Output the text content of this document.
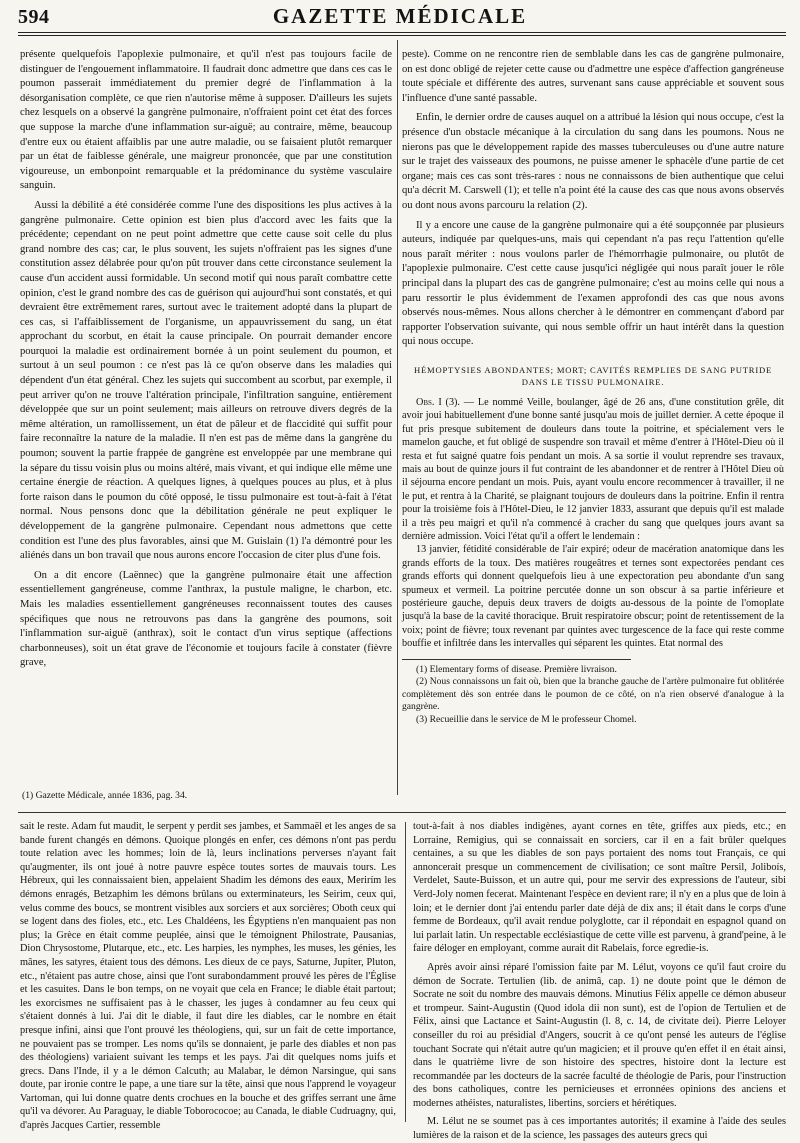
594	GAZETTE MÉDICALE

présente quelquefois l'apoplexie pulmonaire, et qu'il n'est pas toujours facile de distinguer de l'engouement inflammatoire. Il faudrait donc admettre que dans ces cas le poumon passerait immédiatement du premier degré de l'inflammation à la désorganisation complète, ce que rien n'autorise même à supposer. D'ailleurs les sujets chez lesquels on a observé la gangrène pulmonaire, n'offraient point cet état des forces que suppose la marche d'une inflammation sur-aiguë; au contraire, même, beaucoup d'entre eux ou étaient affaiblis par une autre maladie, ou se faisaient plutôt remarquer par un état de faiblesse générale, une maigreur prononcée, que par une constitution vigoureuse, un embonpoint remarquable et la prédominance du système vasculaire sanguin.

Aussi la débilité a été considérée comme l'une des dispositions les plus actives à la gangrène pulmonaire. Cette opinion est bien plus d'accord avec les faits que la précédente; cependant on ne peut point admettre que cette cause soit celle du plus grand nombre des cas; car, le plus souvent, les sujets n'offraient pas les signes d'une constitution assez délabrée pour qu'on pût trouver dans cette circonstance seulement la cause d'un accident aussi formidable. Un second motif qui nous paraît combattre cette opinion, c'est le grand nombre des cas de guérison qui aujourd'hui sont constatés, et qui devraient être extrêmement rares, surtout avec le traitement adopté dans la plupart de ces cas, si l'affaiblissement de l'organisme, un appauvrissement du sang, un état approchant du scorbut, en était la cause principale. On pourrait demander encore pourquoi la maladie est ordinairement bornée à un point seulement du poumon, et surtout à un seul poumon : ce n'est pas là ce qu'on observe dans les maladies qui dépendent d'un état général. Chez les sujets qui succombent au scorbut, par exemple, il peut arriver qu'on ne trouve l'altération principale, l'infiltration sanguine, entièrement développée que sur un point seulement; mais ailleurs on retrouve divers degrés de la même altération, un ramollissement, un état de pâleur et de flaccidité qui suffit pour faire reconnaître la nature de la maladie. Il n'en est pas de même dans la gangrène du poumon; souvent la partie frappée de gangrène est enveloppée par une membrane qui la sépare du tissu voisin plus ou moins altéré, mais vivant, et qui indique elle même une certaine énergie de réaction. A quelques lignes, à quelques pouces au plus, et à plus forte raison dans le poumon du côté opposé, le tissu pulmonaire est tout-à-fait à l'état normal. Nous pensons donc que la débilitation générale ne peut expliquer le développement de la gangrène pulmonaire. Cependant nous admettons que cette condition est l'une des plus favorables, ainsi que M. Guislain (1) l'a démontré pour les aliénés dans un bon travail que nous aurons encore l'occasion de citer plus d'une fois.

On a dit encore (Laënnec) que la gangrène pulmonaire était une affection essentiellement gangréneuse, comme l'anthrax, la pustule maligne, le charbon, etc. Mais les maladies essentiellement gangréneuses reconnaissent toutes des causes spécifiques que nous ne retrouvons pas dans la gangrène des poumons, soit l'inflammation sur-aiguë (anthrax), soit le contact d'un virus septique (affections charbonneuses), soit un état grave de l'économie et toujours facile à constater (fièvre grave,

(1) Gazette Médicale, année 1836, pag. 34.

peste). Comme on ne rencontre rien de semblable dans les cas de gangrène pulmonaire, on est donc obligé de rejeter cette cause ou d'admettre une espèce d'affection gangréneuse toute spéciale et différente des autres, survenant sans cause appréciable et souvent sous l'influence d'une santé passable.

Enfin, le dernier ordre de causes auquel on a attribué la lésion qui nous occupe, c'est la présence d'un obstacle mécanique à la circulation du sang dans les poumons. Nous ne nierons pas que le développement rapide des masses tuberculeuses ou d'une autre nature sur le trajet des vaisseaux des poumons, ne puisse amener le sphacèle d'une partie de cet organe; mais ces cas sont très-rares : nous ne connaissons de bien authentique que celui qu'a décrit M. Carswell (1); et telle n'a point été la cause des cas que nous avons observés ou dont nous avons parcouru la relation (2).

Il y a encore une cause de la gangrène pulmonaire qui a été soupçonnée par plusieurs auteurs, indiquée par quelques-uns, mais qui cependant n'a pas reçu l'attention qu'elle nous paraît mériter : nous voulons parler de l'hémorrhagie pulmonaire, ou plutôt de l'apoplexie pulmonaire. C'est cette cause jusqu'ici négligée qui nous paraît jouer le rôle principal dans la plupart des cas de gangrène pulmonaire; c'est au moins celle qui nous a paru ressortir le plus évidemment de l'examen approfondi des cas que nous avons observés nous-mêmes. Nous allons chercher à le démontrer en commençant d'abord par rapporter l'observation suivante, qui nous semble offrir un haut intérêt dans la question qui nous occupe.

HÉMOPTYSIES ABONDANTES; MORT; CAVITÉS REMPLIES DE SANG PUTRIDE DANS LE TISSU PULMONAIRE.

Obs. I (3). — Le nommé Veille, boulanger, âgé de 26 ans, d'une constitution grêle, dit avoir joui habituellement d'une bonne santé jusqu'au mois de juillet dernier. A cette époque il fut pris presque subitement de douleurs dans toute la poitrine, et spécialement vers le mamelon gauche, et fut obligé de suspendre son travail et même d'entrer à l'Hôtel-Dieu où il resta et fut saigné quatre fois pendant un mois. A sa sortie il voulut reprendre ses travaux, mais au bout de quinze jours il fut contraint de les abandonner et de rentrer à l'Hôtel Dieu où il séjourna encore pendant un mois. Puis, ayant voulu encore recommencer à travailler, il ne le put, et rentra à la Charité, se plaignant toujours de douleurs dans la poitrine. Enfin il rentra pour la troisième fois à l'Hôtel-Dieu, le 12 janvier 1833, assurant que depuis qu'il est malade il a très peu maigri et qu'il n'a commencé à cracher du sang que quelques jours avant sa dernière admission. Voici l'état qu'il a offert le lendemain :

13 janvier, fétidité considérable de l'air expiré; odeur de macération anatomique dans les grands efforts de la toux. Des matières rougeâtres et ternes sont expectorées pendant ces grands efforts qui donnent quelquefois lieu à une expectoration peu abondante d'un sang spumeux et vermeil. La poitrine percutée donne un son obscur à sa partie inférieure et postérieure gauche, depuis deux travers de doigts au-dessous de la pointe de l'omoplate jusqu'à la base de la cavité thoracique. Bruit respiratoire obscur; point de retentissement de la voix; point de fièvre; toux revenant par quintes avec turgescence de la face qui reste comme bouffie et infiltrée dans les intervalles qui séparent les quintes. Etat normal des

(1) Elementary forms of disease. Première livraison.

(2) Nous connaissons un fait où, bien que la branche gauche de l'artère pulmonaire fut oblitérée complètement dès son entrée dans le poumon de ce côté, on n'a rien observé d'analogue à la gangrène.

(3) Recueillie dans le service de M le professeur Chomel.

sait le reste. Adam fut maudit, le serpent y perdit ses jambes, et Sammaël et les anges de sa bande furent changés en démons. Quoique plongés en enfer, ces démons n'ont pas perdu toute relation avec les hommes; loin de là, leurs inclinations perverses n'ayant fait qu'augmenter, ils ont joué à notre pauvre espèce toutes sortes de mauvais tours. Les Hébreux, qui les connaissaient bien, appelaient Shadim les démons des eaux, Merirím les démons enragés, Betzaphim les démons brûlans ou exterminateurs, les Seirim, ceux qui, velus comme des boucs, se montrent visibles aux sorciers et aux sorcières; Oboth ceux qui se logent dans des fioles, etc., etc. Les Chaldéens, les Égyptiens n'en manquaient pas non plus; la Grèce en était comme peuplée, ainsi que le témoignent Philostrate, Pausanias, Dion Chrysostome, Plutarque, etc., etc. Les harpies, les nymphes, les muses, les génies, les mânes, les satyres, étaient tous des démons. Les dieux de ce pays, Saturne, Jupiter, Pluton, etc., n'étaient pas autre chose, ainsi que l'ont surabondamment prouvé les pères de l'Église et les casuites. Dans le bon temps, on ne voyait que cela en France; le diable était partout; les exorcismes ne suffisaient pas à le chasser, les juges à condamner au feu ceux qui s'étaient donnés à lui. J'ai dit le diable, il faut dire les diables, car le nombre en était presque infini, ainsi que l'ont prouvé les théologiens, qui, sur un fait de cette importance, ne pouvaient pas se tromper. Les noms qu'ils se donnaient, je parle des diables et non pas des théologiens) variaient suivant les temps et les pays. J'ai dit quelques noms juifs et grecs. Dans l'Inde, il y a le démon Calcuth; au Malabar, le démon Narsingue, qui sans doute, par ironie contre le pape, a une tiare sur la tête, ainsi que nous l'apprend le voyageur Vartoman, qui lui donne quatre dents crochues en la bouche et des griffes serrant une âme qu'il va dévorer. Au Paraguay, le diable Toborococoe; au Canada, le diable Cudruagny, qui, d'après Jacques Cartier, ressemble

tout-à-fait à nos diables indigènes, ayant cornes en tête, griffes aux pieds, etc.; en Lorraine, Remigius, qui se connaissait en sorciers, car il en a fait brûler quelques centaines, a su que les diables de son pays portaient des noms tout Français, ce qui annoncerait presque un commencement de civilisation; ce sont maître Persil, Joliboís, Verdelet, Saute-Buisson, et un autre qui, pour me servir des expressions de l'auteur, sibi Verd-Joly nomen fecerat. Maintenant l'espèce en devient rare; il n'y en a plus que de loin à loin; et le dernier dont j'ai entendu parler date déjà de dix ans; il était dans le corps d'une femme de Bordeaux, qu'il avait rendue polyglotte, car il répondait en espagnol quand on lui parlait latin. Un respectable ecclésiastique de cette ville est parvenu, à grand'peine, à le faire déloger en employant, comme aurait dit Rabelais, force egredie-is.

Après avoir ainsi réparé l'omission faite par M. Lélut, voyons ce qu'il faut croire du démon de Socrate. Tertulien (lib. de animâ, cap. 1) ne doute point que le démon de Socrate ne soit du nombre des mauvais démons. Minutius Félix appelle ce démon abuseur et trompeur. Saint-Augustin (Quod idola dii non sunt), est de l'opion de Tertulien et de Félix, ainsi que Lactance et Saint-Augustin (l. 8, c. 14, de civitate dei). Pierre Leloyer conseiller du roi au présidial d'Angers, soucrit à ce qu'ont pensé les auteurs de l'église touchant Socrate qui n'était autre qu'un magicien; et il prouve qu'en effet il en était ainsi, dans le quatrième livre de son histoire des spectres, histoire dont la lecture est recommandée par les docteurs de la sacrée faculté de théologie de Paris, pour l'instruction des bons catholiques, contre les pernicieuses et erronnées opinions des anciens et modernes athéistes, naturalistes, libertins, sorciers et hérétiques.

M. Lélut ne se soumet pas à ces importantes autorités; il examine à l'aide des seules lumières de la raison et de la science, les passages des auteurs grecs qui
